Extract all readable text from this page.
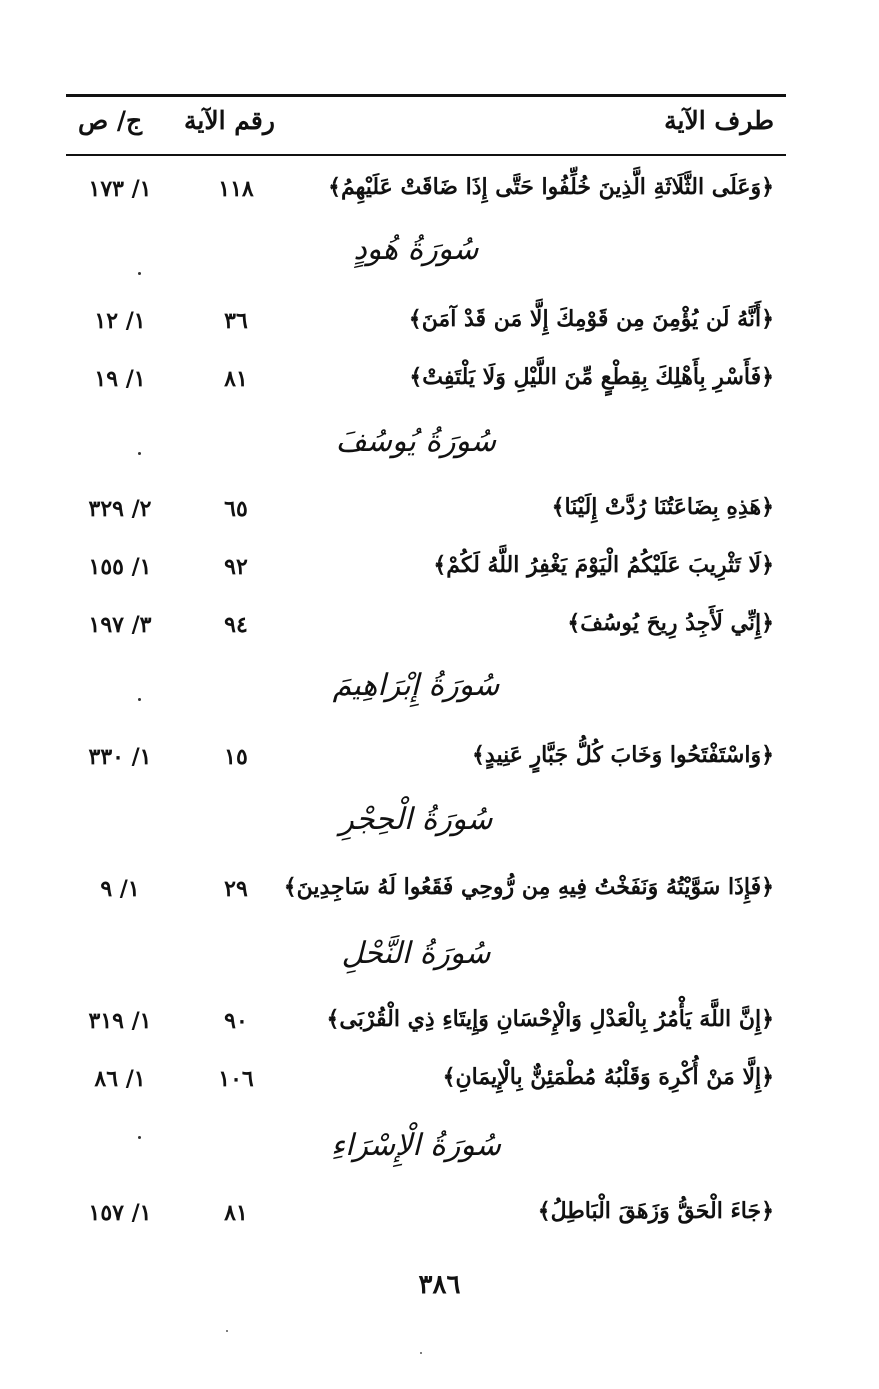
طرف الآية
رقم الآية
ج/ ص
﴿وَعَلَى الثَّلَاثَةِ الَّذِينَ خُلِّفُوا حَتَّى إِذَا ضَاقَتْ عَلَيْهِمُ﴾
١١٨
١/ ١٧٣
سُورَةُ هُودٍ
﴿أَنَّهُ لَن يُؤْمِنَ مِن قَوْمِكَ إِلَّا مَن قَدْ آمَنَ﴾
٣٦
١/ ١٢
﴿فَأَسْرِ بِأَهْلِكَ بِقِطْعٍ مِّنَ اللَّيْلِ وَلَا يَلْتَفِتْ﴾
٨١
١/ ١٩
سُورَةُ يُوسُفَ
﴿هَذِهِ بِضَاعَتُنَا رُدَّتْ إِلَيْنَا﴾
٦٥
٢/ ٣٢٩
﴿لَا تَثْرِيبَ عَلَيْكُمُ الْيَوْمَ يَغْفِرُ اللَّهُ لَكُمْ﴾
٩٢
١/ ١٥٥
﴿إِنِّي لَأَجِدُ رِيحَ يُوسُفَ﴾
٩٤
٣/ ١٩٧
سُورَةُ إِبْرَاهِيمَ
﴿وَاسْتَفْتَحُوا وَخَابَ كُلُّ جَبَّارٍ عَنِيدٍ﴾
١٥
١/ ٣٣٠
سُورَةُ الْحِجْرِ
﴿فَإِذَا سَوَّيْتُهُ وَنَفَخْتُ فِيهِ مِن رُّوحِي فَقَعُوا لَهُ سَاجِدِينَ﴾
٢٩
١/ ٩
سُورَةُ النَّحْلِ
﴿إِنَّ اللَّهَ يَأْمُرُ بِالْعَدْلِ وَالْإِحْسَانِ وَإِيتَاءِ ذِي الْقُرْبَى﴾
٩٠
١/ ٣١٩
﴿إِلَّا مَنْ أُكْرِهَ وَقَلْبُهُ مُطْمَئِنٌّ بِالْإِيمَانِ﴾
١٠٦
١/ ٨٦
سُورَةُ الْإِسْرَاءِ
﴿جَاءَ الْحَقُّ وَزَهَقَ الْبَاطِلُ﴾
٨١
١/ ١٥٧
٣٨٦
